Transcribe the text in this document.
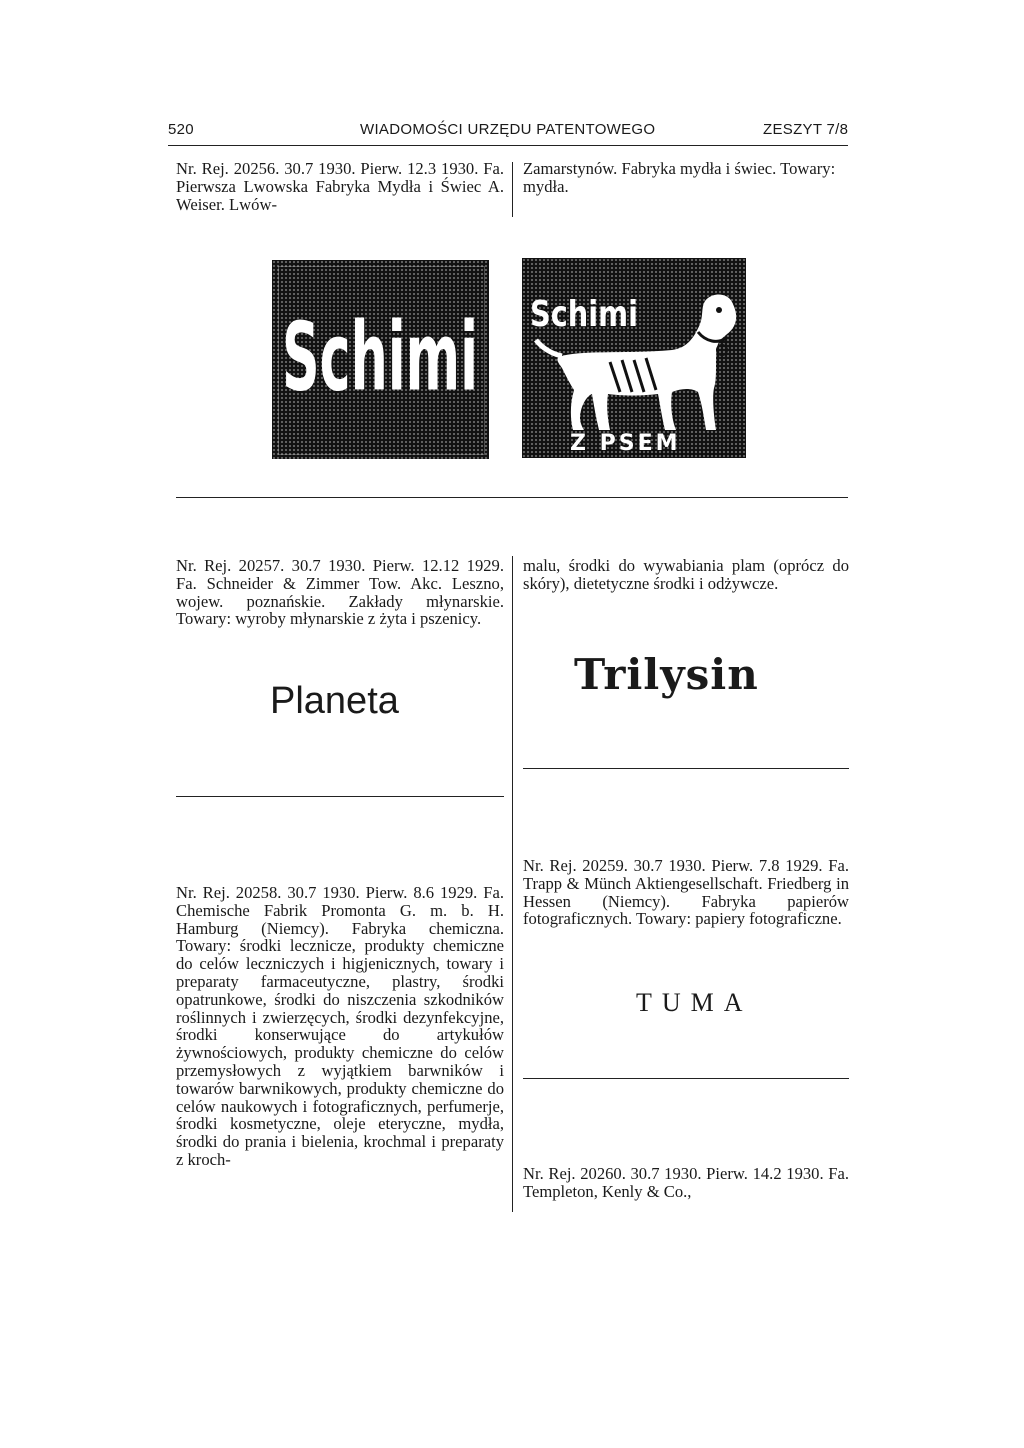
520	WIADOMOŚCI URZĘDU PATENTOWEGO	ZESZYT 7/8

Nr. Rej. 20256. 30.7 1930. Pierw. 12.3 1930. Fa. Pierwsza Lwowska Fabryka Mydła i Świec A. Weiser. Lwów-

Zamarstynów. Fabryka mydła i świec. Towary: mydła.

Schimi Schimi
Z PSEM

Nr. Rej. 20257. 30.7 1930. Pierw. 12.12 1929. Fa. Schneider & Zimmer Tow. Akc. Leszno, wojew. poznańskie. Zakłady młynarskie. Towary: wyroby młynarskie z żyta i pszenicy.

Planeta

malu, środki do wywabiania plam (oprócz do skóry), dietetyczne środki i odżywcze.

Trilysin

Nr. Rej. 20258. 30.7 1930. Pierw. 8.6 1929. Fa. Chemische Fabrik Promonta G. m. b. H. Hamburg (Niemcy). Fabryka chemiczna. Towary: środki lecznicze, produkty chemiczne do celów leczniczych i higjenicznych, towary i preparaty farmaceutyczne, plastry, środki opatrunkowe, środki do niszczenia szkodników roślinnych i zwierzęcych, środki dezynfekcyjne, środki konserwujące do artykułów żywnościowych, produkty chemiczne do celów przemysłowych z wyjątkiem barwników i towarów barwnikowych, produkty chemiczne do celów naukowych i fotograficznych, perfumerje, środki kosmetyczne, oleje eteryczne, mydła, środki do prania i bielenia, krochmal i preparaty z kroch-

Nr. Rej. 20259. 30.7 1930. Pierw. 7.8 1929. Fa. Trapp & Münch Aktiengesellschaft. Friedberg in Hessen (Niemcy). Fabryka papierów fotograficznych. Towary: papiery fotograficzne.

TUMA

Nr. Rej. 20260. 30.7 1930. Pierw. 14.2 1930. Fa. Templeton, Kenly & Co.,
